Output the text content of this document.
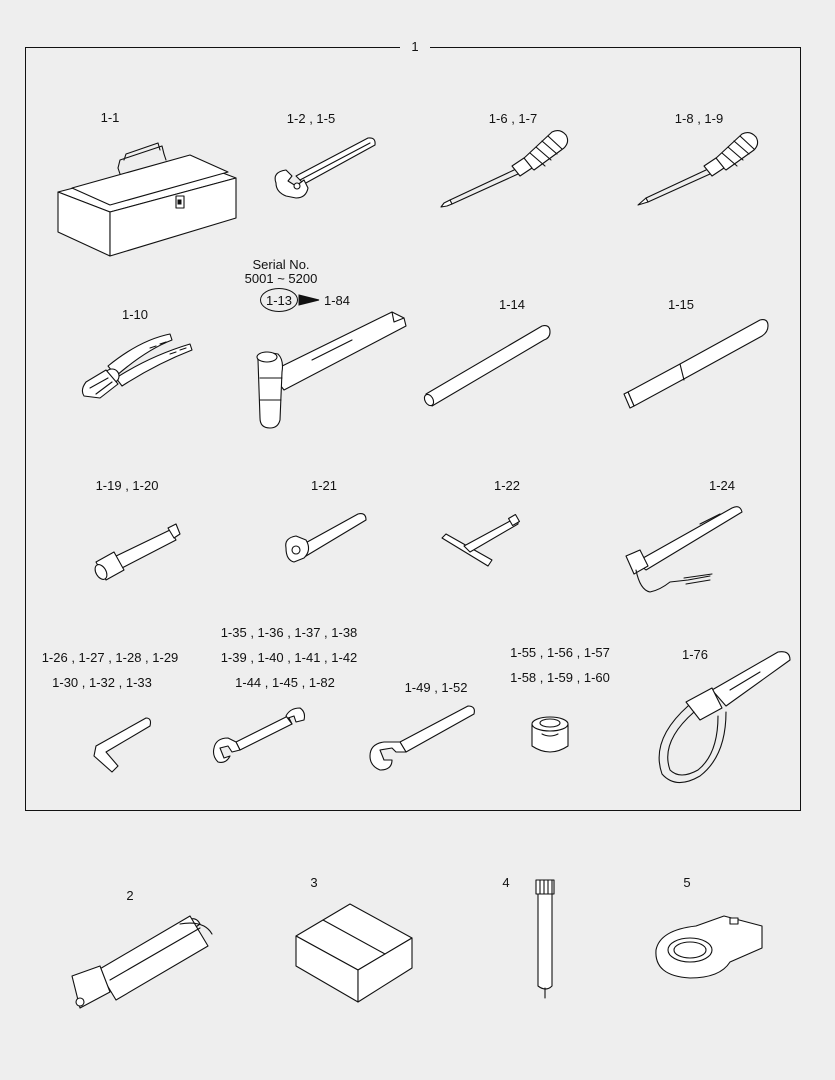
1
1-1	1-2 , 1-5	1-6 , 1-7	1-8 , 1-9
1-10
Serial No.
5001 ~ 5200
1-13 1-84	1-14	1-15
1-19 , 1-20	1-21	1-22	1-24
1-26 , 1-27 , 1-28 , 1-29
1-30 , 1-32 , 1-33
1-35 , 1-36 , 1-37 , 1-38
1-39 , 1-40 , 1-41 , 1-42
1-44 , 1-45 , 1-82	1-49 , 1-52
1-55 , 1-56 , 1-57
1-58 , 1-59 , 1-60
1-76
2
3	4	5
